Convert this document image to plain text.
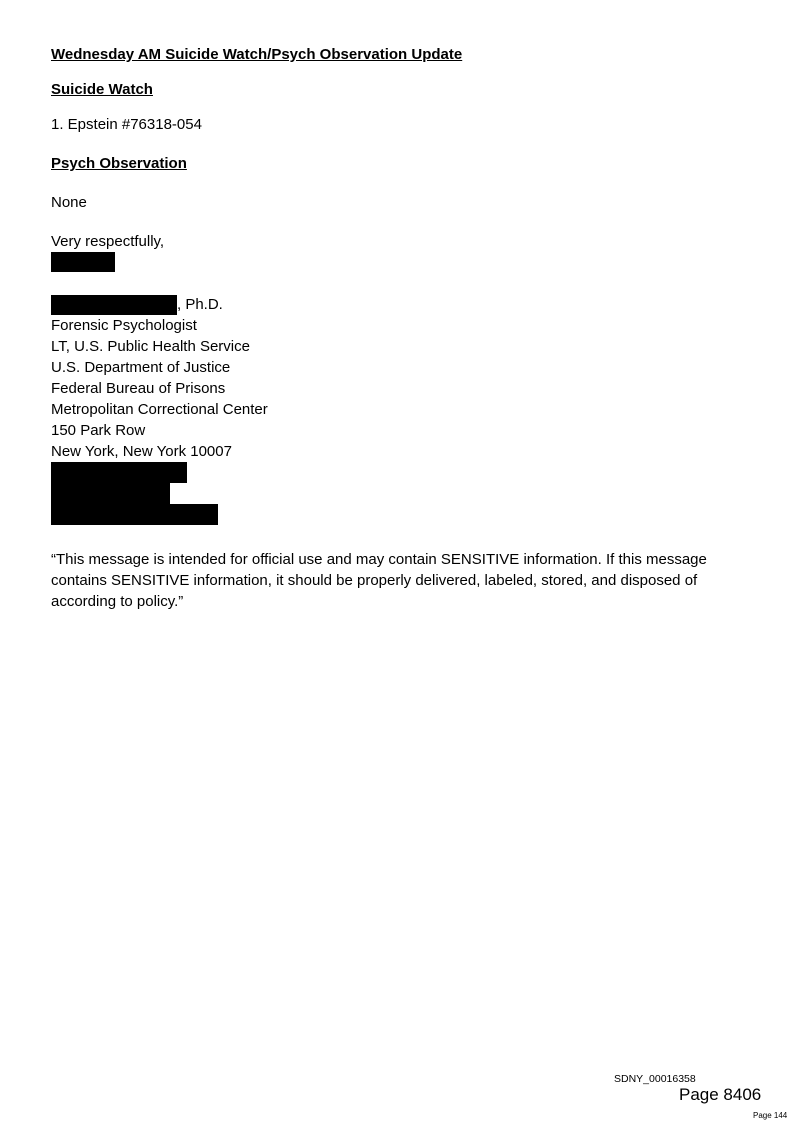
Wednesday AM Suicide Watch/Psych Observation Update

Suicide Watch

1. Epstein #76318-054

Psych Observation

None

Very respectfully,

, Ph.D.

Forensic Psychologist

LT, U.S. Public Health Service

U.S. Department of Justice

Federal Bureau of Prisons

Metropolitan Correctional Center

150 Park Row

New York, New York 10007

“This message is intended for official use and may contain SENSITIVE information. If this message contains SENSITIVE information, it should be properly delivered, labeled, stored, and disposed of according to policy.”

SDNY_00016358
Page 8406
Page 144
